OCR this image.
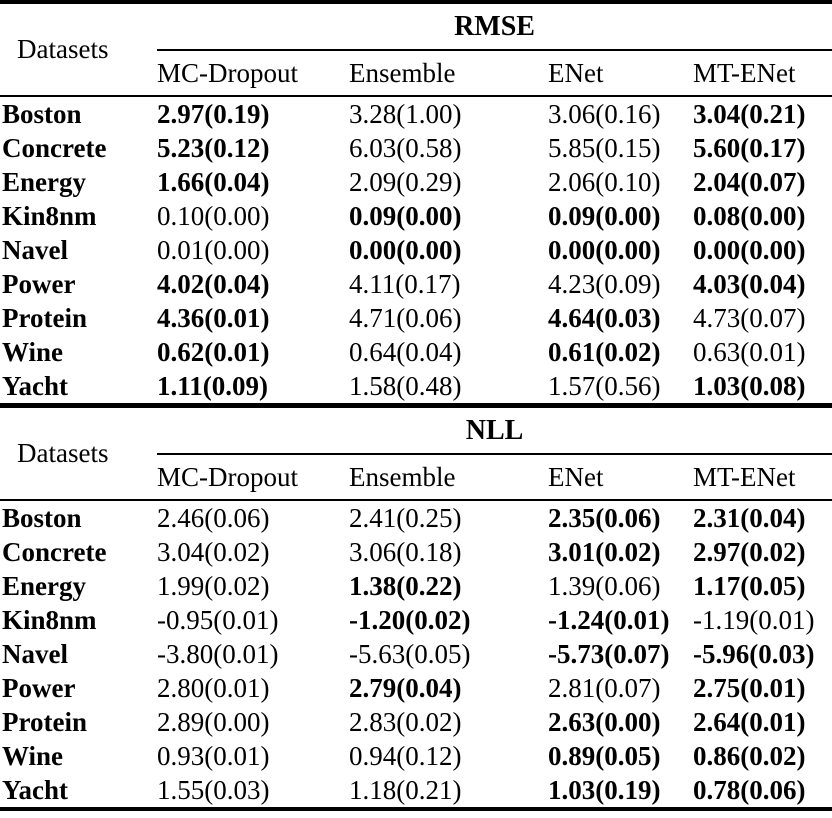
Datasets	RMSE			
	MC-Dropout	Ensemble	ENet	MT-ENet
Boston	2.97(0.19)	3.28(1.00)	3.06(0.16)	3.04(0.21)
Concrete	5.23(0.12)	6.03(0.58)	5.85(0.15)	5.60(0.17)
Energy	1.66(0.04)	2.09(0.29)	2.06(0.10)	2.04(0.07)
Kin8nm	0.10(0.00)	0.09(0.00)	0.09(0.00)	0.08(0.00)
Navel	0.01(0.00)	0.00(0.00)	0.00(0.00)	0.00(0.00)
Power	4.02(0.04)	4.11(0.17)	4.23(0.09)	4.03(0.04)
Protein	4.36(0.01)	4.71(0.06)	4.64(0.03)	4.73(0.07)
Wine	0.62(0.01)	0.64(0.04)	0.61(0.02)	0.63(0.01)
Yacht	1.11(0.09)	1.58(0.48)	1.57(0.56)	1.03(0.08)
Datasets	NLL			
	MC-Dropout	Ensemble	ENet	MT-ENet
Boston	2.46(0.06)	2.41(0.25)	2.35(0.06)	2.31(0.04)
Concrete	3.04(0.02)	3.06(0.18)	3.01(0.02)	2.97(0.02)
Energy	1.99(0.02)	1.38(0.22)	1.39(0.06)	1.17(0.05)
Kin8nm	-0.95(0.01)	-1.20(0.02)	-1.24(0.01)	-1.19(0.01)
Navel	-3.80(0.01)	-5.63(0.05)	-5.73(0.07)	-5.96(0.03)
Power	2.80(0.01)	2.79(0.04)	2.81(0.07)	2.75(0.01)
Protein	2.89(0.00)	2.83(0.02)	2.63(0.00)	2.64(0.01)
Wine	0.93(0.01)	0.94(0.12)	0.89(0.05)	0.86(0.02)
Yacht	1.55(0.03)	1.18(0.21)	1.03(0.19)	0.78(0.06)
